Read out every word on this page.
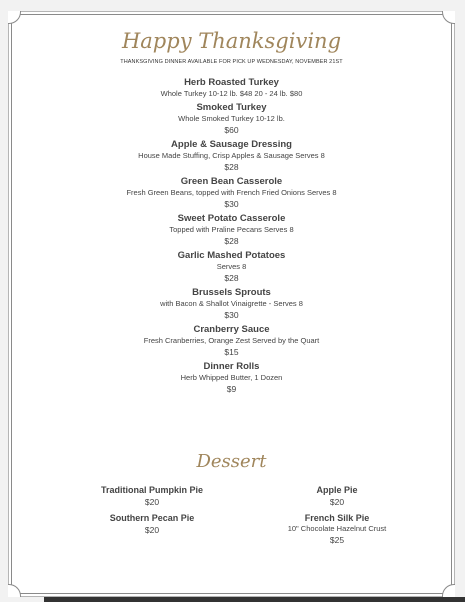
Happy Thanksgiving
THANKSGIVING DINNER AVAILABLE FOR PICK UP WEDNESDAY, NOVEMBER 21ST
Herb Roasted Turkey
Whole Turkey 10-12 lb. $48 20 - 24 lb. $80
Smoked Turkey
Whole Smoked Turkey 10-12 lb.
$60
Apple & Sausage Dressing
House Made Stuffing, Crisp Apples & Sausage Serves 8
$28
Green Bean Casserole
Fresh Green Beans, topped with French Fried Onions Serves 8
$30
Sweet Potato Casserole
Topped with Praline Pecans Serves 8
$28
Garlic Mashed Potatoes
Serves 8
$28
Brussels Sprouts
with Bacon & Shallot Vinaigrette - Serves 8
$30
Cranberry Sauce
Fresh Cranberries, Orange Zest Served by the Quart
$15
Dinner Rolls
Herb Whipped Butter, 1 Dozen
$9
Dessert
Traditional Pumpkin Pie
$20
Southern Pecan Pie
$20
Apple Pie
$20
French Silk Pie
10" Chocolate Hazelnut Crust
$25
